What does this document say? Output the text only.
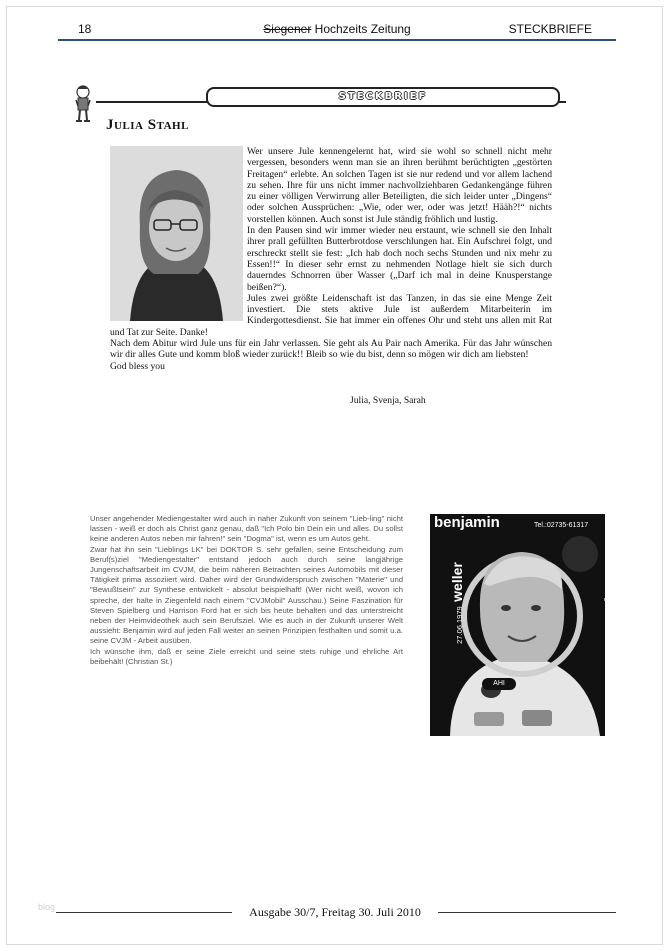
18	Siegener Hochzeits Zeitung	STECKBRIEFE
STECKBRIEF
Julia Stahl

Wer unsere Jule kennengelernt hat, wird sie wohl so schnell nicht mehr vergessen, besonders wenn man sie an ihren berühmt berüchtigten „gestörten Freitagen“ erlebte. An solchen Tagen ist sie nur redend und vor allem lachend zu sehen. Ihre für uns nicht immer nachvollziehbaren Gedankengänge führen zu einer völligen Verwirrung aller Beteiligten, die sich leider unter „Dingens“ oder solchen Aussprüchen: „Wie, oder wer, oder was jetzt! Hääh?!“ nichts vorstellen können. Auch sonst ist Jule ständig fröhlich und lustig.

In den Pausen sind wir immer wieder neu erstaunt, wie schnell sie den Inhalt ihrer prall gefüllten Butterbrotdose verschlungen hat. Ein Aufschrei folgt, und erschreckt stellt sie fest: „Ich hab doch noch sechs Stunden und nix mehr zu Essen!!“ In dieser sehr ernst zu nehmenden Notlage hielt sie sich durch dauerndes Schnorren über Wasser („Darf ich mal in deine Knusperstange beißen?“).

Jules zwei größte Leidenschaft ist das Tanzen, in das sie eine Menge Zeit investiert. Die stets aktive Jule ist außerdem Mitarbeiterin im Kindergottesdienst. Sie hat immer ein offenes Ohr und steht uns allen mit Rat und Tat zur Seite. Danke!

Nach dem Abitur wird Jule uns für ein Jahr verlassen. Sie geht als Au Pair nach Amerika. Für das Jahr wünschen wir dir alles Gute und komm bloß wieder zurück!! Bleib so wie du bist, denn so mögen wir dich am liebsten!

God bless you

Julia, Svenja, Sarah

Unser angehender Mediengestalter wird auch in naher Zukunft von seinem "Lieb-ling" nicht lassen - weiß er doch als Christ ganz genau, daß "Ich Polo bin Dein ein und alles. Du sollst keine anderen Autos neben mir fahren!" sein "Dogma" ist, wenn es um Autos geht.

Zwar hat ihn sein "Lieblings LK" bei DOKTOR S. sehr gefallen, seine Entscheidung zum Beruf(s)ziel "Mediengestalter" entstand jedoch auch durch seine langjährige Jungenschaftsarbeit im CVJM, die beim näheren Betrachten seines Automobils mit dieser Tätigkeit prima assoziiert wird. Daher wird der Grundwiderspruch zwischen "Materie" und "Bewußtsein" zur Synthese entwickelt - absolut beispielhaft! (Wer nicht weiß, wovon ich spreche, der halte in Ziegenfeld nach einem "CVJMobil" Ausschau.) Seine Faszination für Steven Spielberg und Harrison Ford hat er sich bis heute behalten und das unterstreicht neben der Heimvideothek auch sein Berufsziel. Wie es auch in der Zukunft unserer Welt aussieht: Benjamin wird auf jeden Fall weiter an seinen Prinzipien festhalten und somit u.a. seine CVJM - Arbeit ausüben.

Ich wünsche ihm, daß er seine Ziele erreicht und seine stets ruhige und ehrliche Art beibehält! (Christian St.)

benjamin	Tel.:02735-61317
27.06.1979 weller	Am Heckengarten 8 · 57290 Ne...
AHI
blog	Ausgabe 30/7, Freitag 30. Juli 2010
